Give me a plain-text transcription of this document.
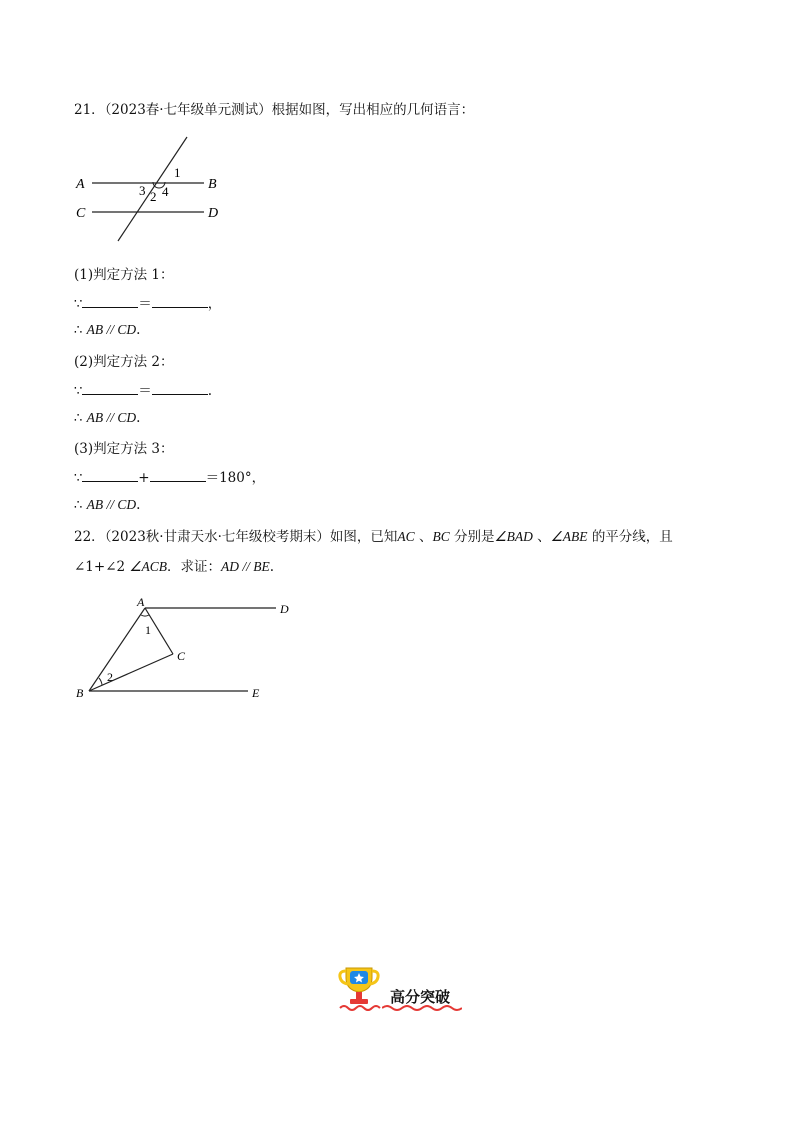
21．（2023春·七年级单元测试）根据如图，写出相应的几何语言：
A	B
C	D
1
2
3 4
(1)判定方法 1：
∵	＝	，
∴ AB // CD.
(2)判定方法 2：
∵	＝	.
∴ AB // CD.
(3)判定方法 3：
∵	+	＝180°，
∴ AB // CD.
22．（2023秋·甘肃天水·七年级校考期末）如图，已知AC 、BC 分别是∠BAD 、∠ABE 的平分线，且
∠1+∠2 ∠ACB．求证：AD // BE.
A	D
C
B	E
1
2
高分突破
